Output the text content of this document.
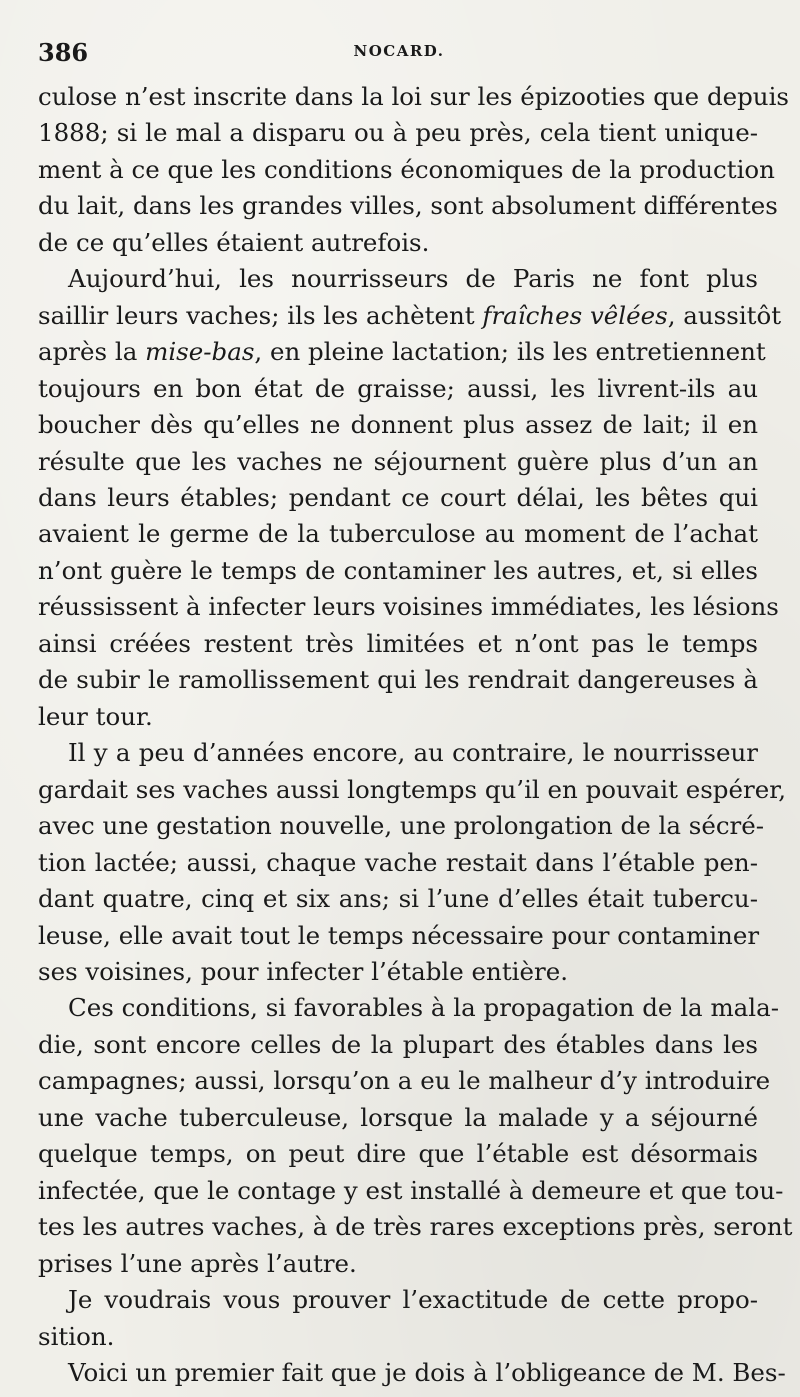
386	NOCARD.
culose n’est inscrite dans la loi sur les épizooties que depuis
1888; si le mal a disparu ou à peu près, cela tient unique-
ment à ce que les conditions économiques de la production
du lait, dans les grandes villes, sont absolument différentes
de ce qu’elles étaient autrefois.
Aujourd’hui, les nourrisseurs de Paris ne font plus
saillir leurs vaches; ils les achètent fraîches vêlées, aussitôt
après la mise-bas, en pleine lactation; ils les entretiennent
toujours en bon état de graisse; aussi, les livrent-ils au
boucher dès qu’elles ne donnent plus assez de lait; il en
résulte que les vaches ne séjournent guère plus d’un an
dans leurs étables; pendant ce court délai, les bêtes qui
avaient le germe de la tuberculose au moment de l’achat
n’ont guère le temps de contaminer les autres, et, si elles
réussissent à infecter leurs voisines immédiates, les lésions
ainsi créées restent très limitées et n’ont pas le temps
de subir le ramollissement qui les rendrait dangereuses à
leur tour.
Il y a peu d’années encore, au contraire, le nourrisseur
gardait ses vaches aussi longtemps qu’il en pouvait espérer,
avec une gestation nouvelle, une prolongation de la sécré-
tion lactée; aussi, chaque vache restait dans l’étable pen-
dant quatre, cinq et six ans; si l’une d’elles était tubercu-
leuse, elle avait tout le temps nécessaire pour contaminer
ses voisines, pour infecter l’étable entière.
Ces conditions, si favorables à la propagation de la mala-
die, sont encore celles de la plupart des étables dans les
campagnes; aussi, lorsqu’on a eu le malheur d’y introduire
une vache tuberculeuse, lorsque la malade y a séjourné
quelque temps, on peut dire que l’étable est désormais
infectée, que le contage y est installé à demeure et que tou-
tes les autres vaches, à de très rares exceptions près, seront
prises l’une après l’autre.
Je voudrais vous prouver l’exactitude de cette propo-
sition.
Voici un premier fait que je dois à l’obligeance de M. Bes-
